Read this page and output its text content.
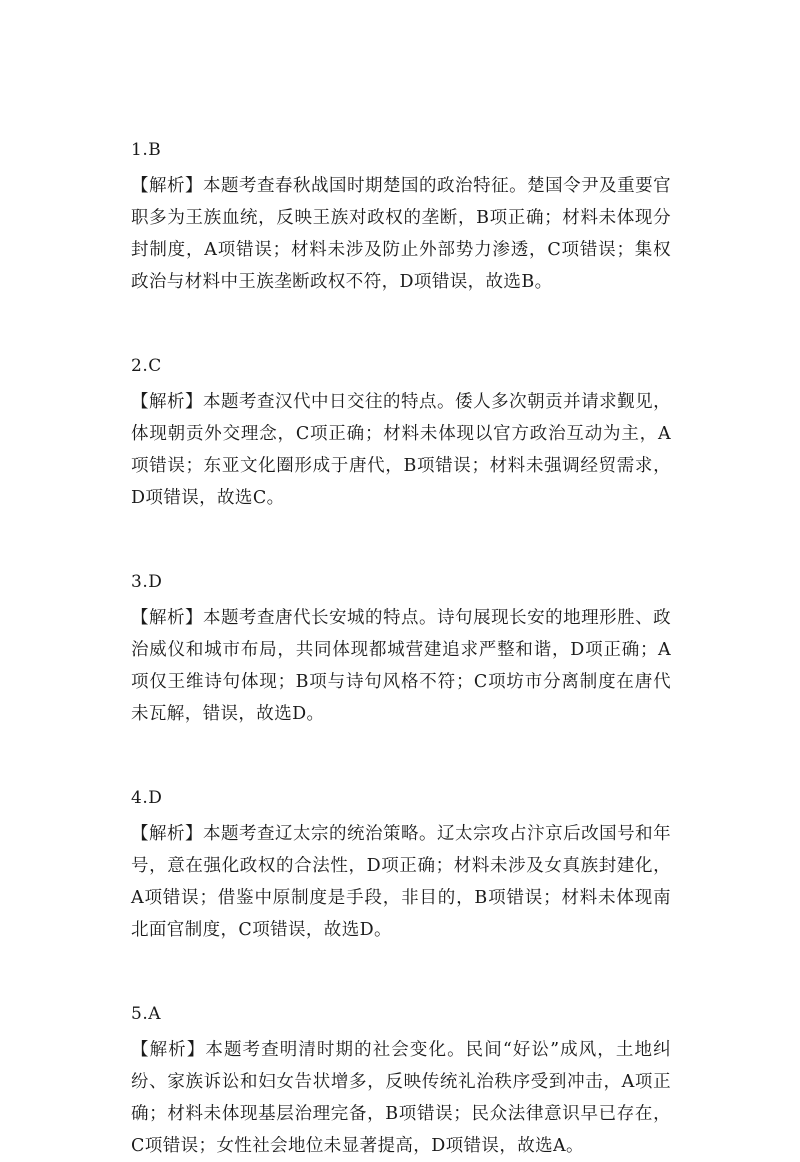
1.B

【解析】本题考查春秋战国时期楚国的政治特征。楚国令尹及重要官职多为王族血统，反映王族对政权的垄断，B项正确；材料未体现分封制度，A项错误；材料未涉及防止外部势力渗透，C项错误；集权政治与材料中王族垄断政权不符，D项错误，故选B。

2.C

【解析】本题考查汉代中日交往的特点。倭人多次朝贡并请求觐见，体现朝贡外交理念，C项正确；材料未体现以官方政治互动为主，A项错误；东亚文化圈形成于唐代，B项错误；材料未强调经贸需求，D项错误，故选C。

3.D

【解析】本题考查唐代长安城的特点。诗句展现长安的地理形胜、政治威仪和城市布局，共同体现都城营建追求严整和谐，D项正确；A项仅王维诗句体现；B项与诗句风格不符；C项坊市分离制度在唐代未瓦解，错误，故选D。

4.D

【解析】本题考查辽太宗的统治策略。辽太宗攻占汴京后改国号和年号，意在强化政权的合法性，D项正确；材料未涉及女真族封建化，A项错误；借鉴中原制度是手段，非目的，B项错误；材料未体现南北面官制度，C项错误，故选D。

5.A

【解析】本题考查明清时期的社会变化。民间“好讼”成风，土地纠纷、家族诉讼和妇女告状增多，反映传统礼治秩序受到冲击，A项正确；材料未体现基层治理完备，B项错误；民众法律意识早已存在，C项错误；女性社会地位未显著提高，D项错误，故选A。
